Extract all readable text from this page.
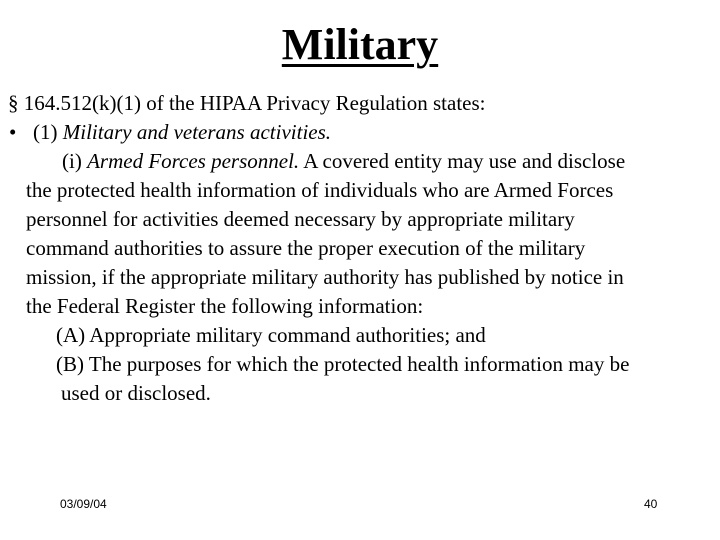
Military
§ 164.512(k)(1) of the HIPAA Privacy Regulation states:
• (1) Military and veterans activities.
(i) Armed Forces personnel. A covered entity may use and disclose
the protected health information of individuals who are Armed Forces
personnel for activities deemed necessary by appropriate military
command authorities to assure the proper execution of the military
mission, if the appropriate military authority has published by notice in
the Federal Register the following information:
(A) Appropriate military command authorities; and
(B) The purposes for which the protected health information may be
used or disclosed.
03/09/04	40
